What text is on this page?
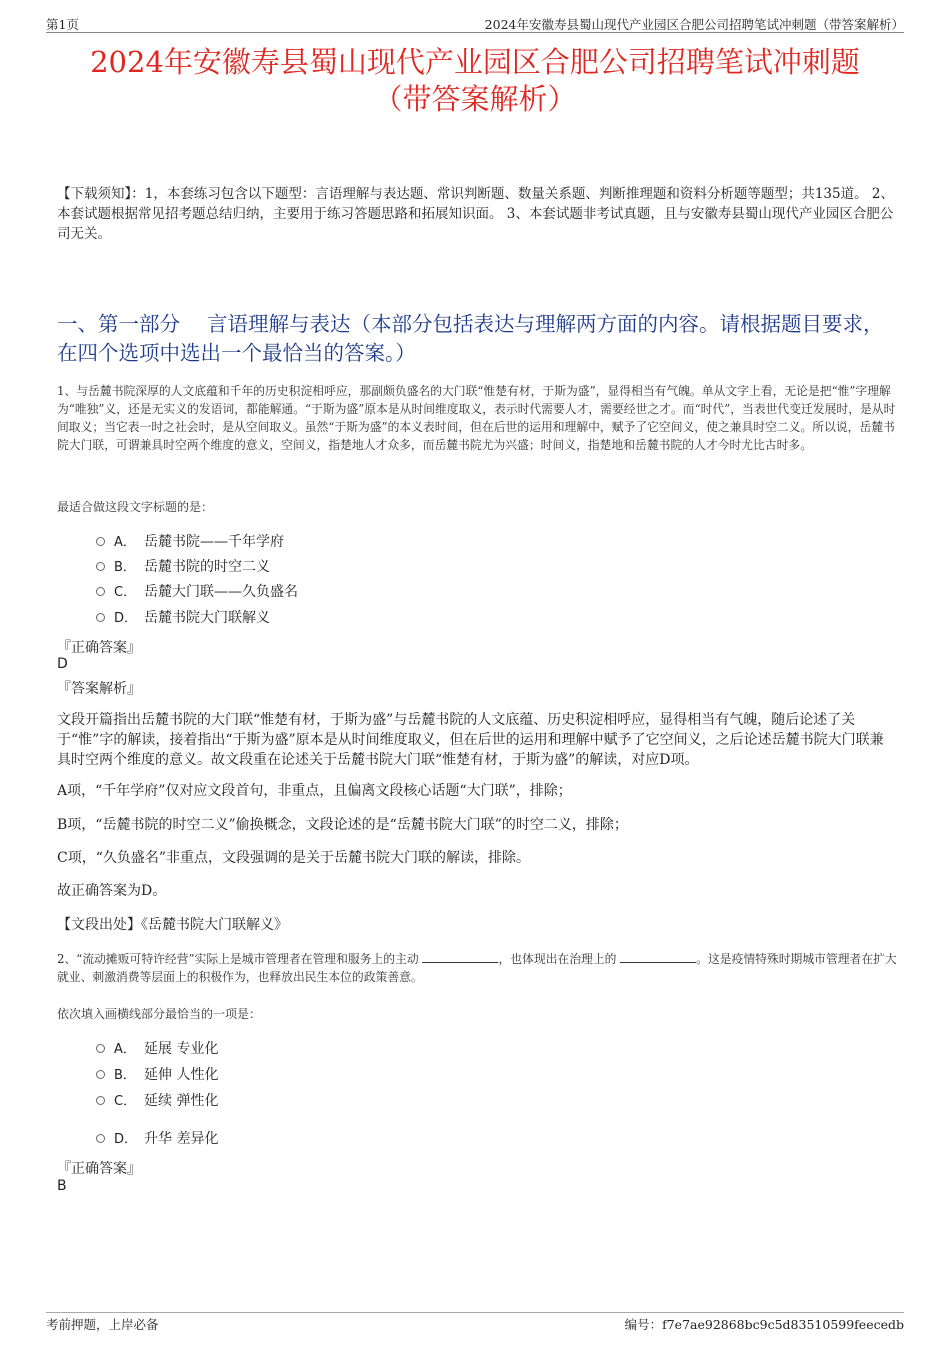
第1页	2024年安徽寿县蜀山现代产业园区合肥公司招聘笔试冲刺题（带答案解析）
2024年安徽寿县蜀山现代产业园区合肥公司招聘笔试冲刺题
（带答案解析）
【下载须知】：1，本套练习包含以下题型：言语理解与表达题、常识判断题、数量关系题、判断推理题和资料分析题等题型；共135道。 2、本套试题根据常见招考题总结归纳，主要用于练习答题思路和拓展知识面。 3、本套试题非考试真题，且与安徽寿县蜀山现代产业园区合肥公司无关。
一、第一部分　 言语理解与表达（本部分包括表达与理解两方面的内容。请根据题目要求，在四个选项中选出一个最恰当的答案。）
1、与岳麓书院深厚的人文底蕴和千年的历史积淀相呼应，那副颇负盛名的大门联“惟楚有材，于斯为盛”，显得相当有气魄。单从文字上看，无论是把“惟”字理解为“唯独”义，还是无实义的发语词，都能解通。“于斯为盛”原本是从时间维度取义，表示时代需要人才，需要经世之才。而“时代”，当表世代变迁发展时，是从时间取义；当它表一时之社会时，是从空间取义。虽然“于斯为盛”的本义表时间，但在后世的运用和理解中，赋予了它空间义，使之兼具时空二义。所以说，岳麓书院大门联，可谓兼具时空两个维度的意义，空间义，指楚地人才众多，而岳麓书院尤为兴盛；时间义，指楚地和岳麓书院的人才今时尤比古时多。
最适合做这段文字标题的是：
A． 岳麓书院——千年学府
B． 岳麓书院的时空二义
C． 岳麓大门联——久负盛名
D． 岳麓书院大门联解义
『正确答案』
D
『答案解析』
文段开篇指出岳麓书院的大门联“惟楚有材，于斯为盛”与岳麓书院的人文底蕴、历史积淀相呼应，显得相当有气魄，随后论述了关于“惟”字的解读，接着指出“于斯为盛”原本是从时间维度取义，但在后世的运用和理解中赋予了它空间义，之后论述岳麓书院大门联兼具时空两个维度的意义。故文段重在论述关于岳麓书院大门联“惟楚有材，于斯为盛”的解读，对应D项。
A项，“千年学府”仅对应文段首句，非重点，且偏离文段核心话题“大门联”，排除；
B项，“岳麓书院的时空二义”偷换概念，文段论述的是“岳麓书院大门联”的时空二义，排除；
C项，“久负盛名”非重点，文段强调的是关于岳麓书院大门联的解读，排除。
故正确答案为D。
【文段出处】《岳麓书院大门联解义》
2、“流动摊贩可特许经营”实际上是城市管理者在管理和服务上的主动	，也体现出在治理上的	。这是疫情特殊时期城市管理者在扩大就业、刺激消费等层面上的积极作为，也释放出民生本位的政策善意。
依次填入画横线部分最恰当的一项是：
A． 延展 专业化
B． 延伸 人性化
C． 延续 弹性化
D． 升华 差异化
『正确答案』
B
考前押题，上岸必备	编号：f7e7ae92868bc9c5d83510599feecedb
